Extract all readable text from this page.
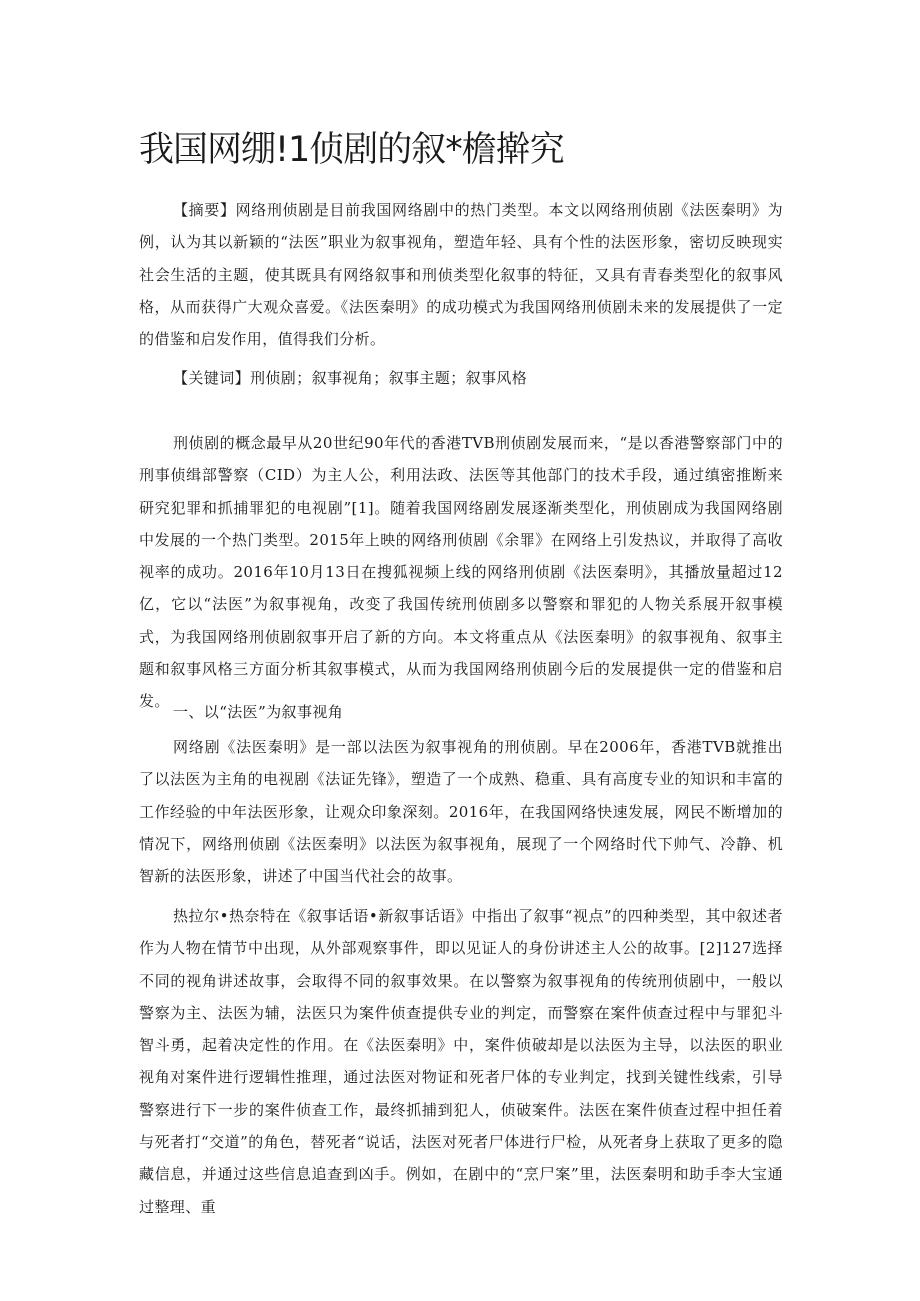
我国网绷!1侦剧的叙*檐擀究

【摘要】网络刑侦剧是目前我国网络剧中的热门类型。本文以网络刑侦剧《法医秦明》为例，认为其以新颖的“法医”职业为叙事视角，塑造年轻、具有个性的法医形象，密切反映现实社会生活的主题，使其既具有网络叙事和刑侦类型化叙事的特征，又具有青春类型化的叙事风格，从而获得广大观众喜爱。《法医秦明》的成功模式为我国网络刑侦剧未来的发展提供了一定的借鉴和启发作用，值得我们分析。

【关键词】刑侦剧；叙事视角；叙事主题；叙事风格

刑侦剧的概念最早从20世纪90年代的香港TVB刑侦剧发展而来，“是以香港警察部门中的刑事侦缉部警察（CID）为主人公，利用法政、法医等其他部门的技术手段，通过缜密推断来研究犯罪和抓捕罪犯的电视剧”[1]。随着我国网络剧发展逐渐类型化，刑侦剧成为我国网络剧中发展的一个热门类型。2015年上映的网络刑侦剧《余罪》在网络上引发热议，并取得了高收视率的成功。2016年10月13日在搜狐视频上线的网络刑侦剧《法医秦明》，其播放量超过12亿，它以“法医”为叙事视角，改变了我国传统刑侦剧多以警察和罪犯的人物关系展开叙事模式，为我国网络刑侦剧叙事开启了新的方向。本文将重点从《法医秦明》的叙事视角、叙事主题和叙事风格三方面分析其叙事模式，从而为我国网络刑侦剧今后的发展提供一定的借鉴和启发。

一、以“法医”为叙事视角

网络剧《法医秦明》是一部以法医为叙事视角的刑侦剧。早在2006年，香港TVB就推出了以法医为主角的电视剧《法证先锋》，塑造了一个成熟、稳重、具有高度专业的知识和丰富的工作经验的中年法医形象，让观众印象深刻。2016年，在我国网络快速发展，网民不断增加的情况下，网络刑侦剧《法医秦明》以法医为叙事视角，展现了一个网络时代下帅气、冷静、机智新的法医形象，讲述了中国当代社会的故事。

热拉尔•热奈特在《叙事话语•新叙事话语》中指出了叙事“视点”的四种类型，其中叙述者作为人物在情节中出现，从外部观察事件，即以见证人的身份讲述主人公的故事。[2]127选择不同的视角讲述故事，会取得不同的叙事效果。在以警察为叙事视角的传统刑侦剧中，一般以警察为主、法医为辅，法医只为案件侦查提供专业的判定，而警察在案件侦查过程中与罪犯斗智斗勇，起着决定性的作用。在《法医秦明》中，案件侦破却是以法医为主导，以法医的职业视角对案件进行逻辑性推理，通过法医对物证和死者尸体的专业判定，找到关键性线索，引导警察进行下一步的案件侦查工作，最终抓捕到犯人，侦破案件。法医在案件侦查过程中担任着与死者打“交道”的角色，替死者“说话，法医对死者尸体进行尸检，从死者身上获取了更多的隐藏信息，并通过这些信息追查到凶手。例如，在剧中的“烹尸案”里，法医秦明和助手李大宝通过整理、重
